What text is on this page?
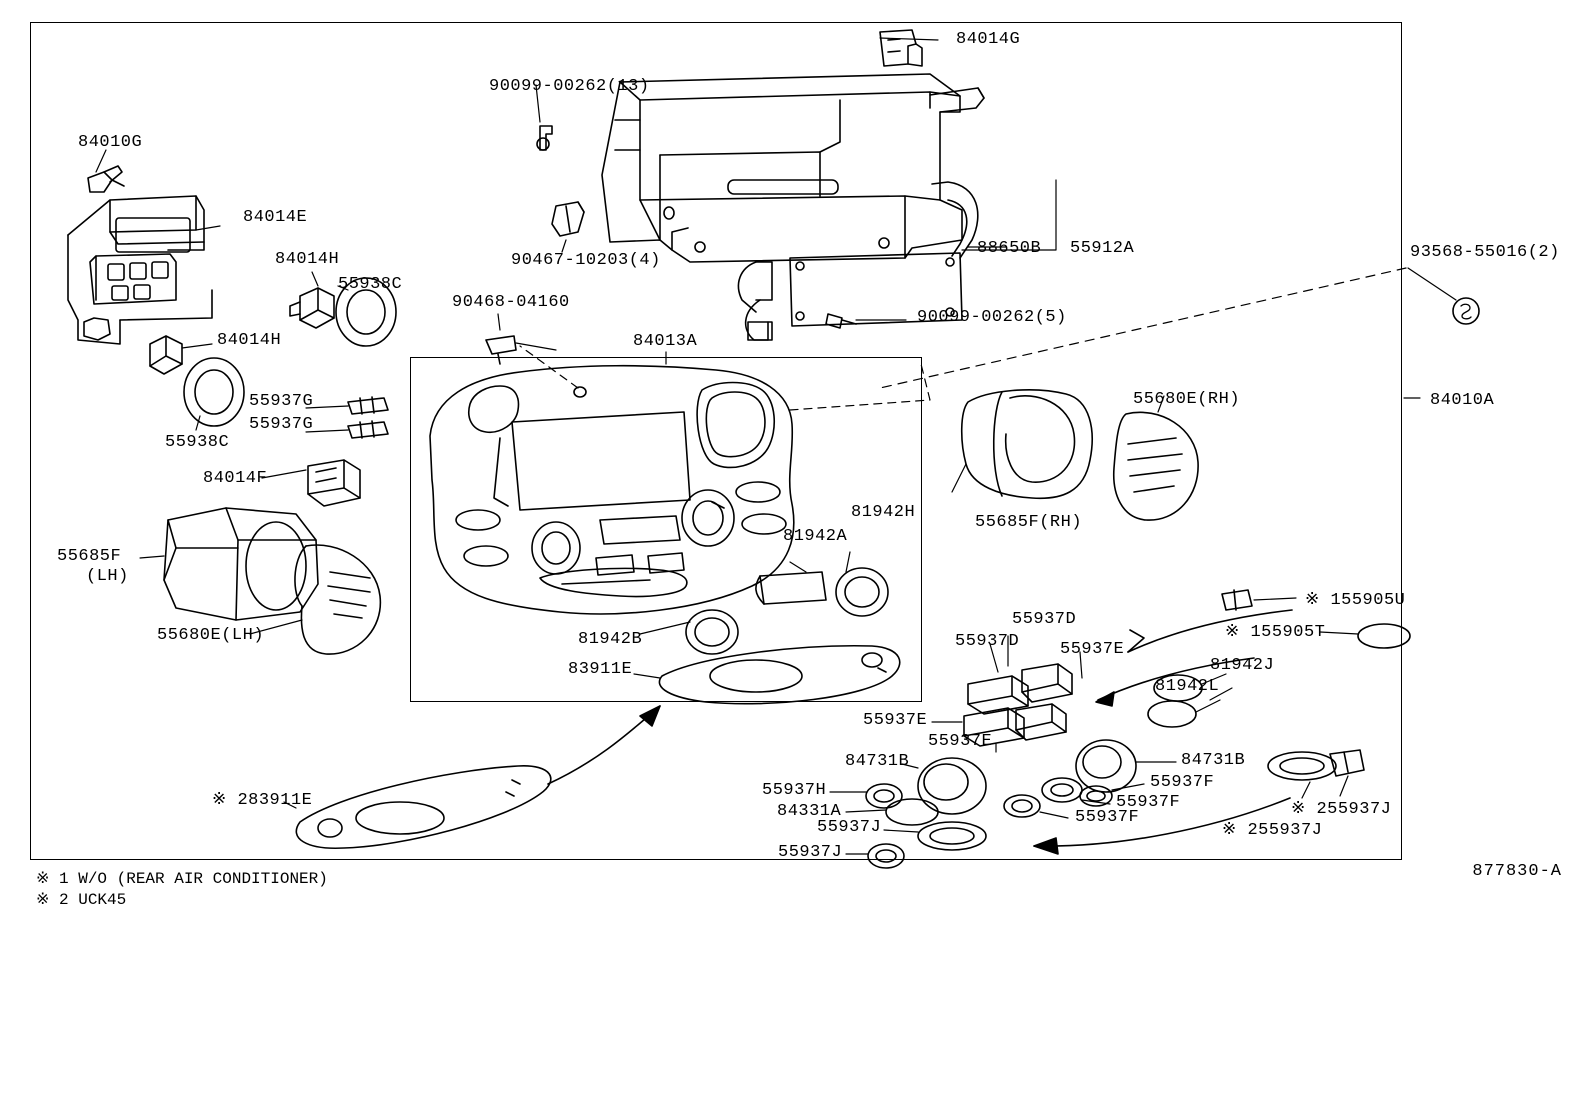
84014G
90099-00262(13)
84010G
84014E
84014H
55938C
90467-10203(4)
88650B 55912A	93568-55016(2)
90468-04160
90099-00262(5)
84014H	84013A
55680E(RH)	84010A
55937G
55937G
55938C
84014F
55685F(RH)
81942H
81942A
55685F
(LH)
55680E(LH)	81942B
55937D
※ 155905U
※ 155905T
55937D 55937E
81942J
81942L
83911E
55937E
55937E
84731B
84731B
55937F
55937H
55937F
84331A	※ 255937J
55937F
55937J	※ 255937J
55937J
※ 283911E
※ 1 W/O (REAR AIR CONDITIONER)
※ 2 UCK45
877830-A
